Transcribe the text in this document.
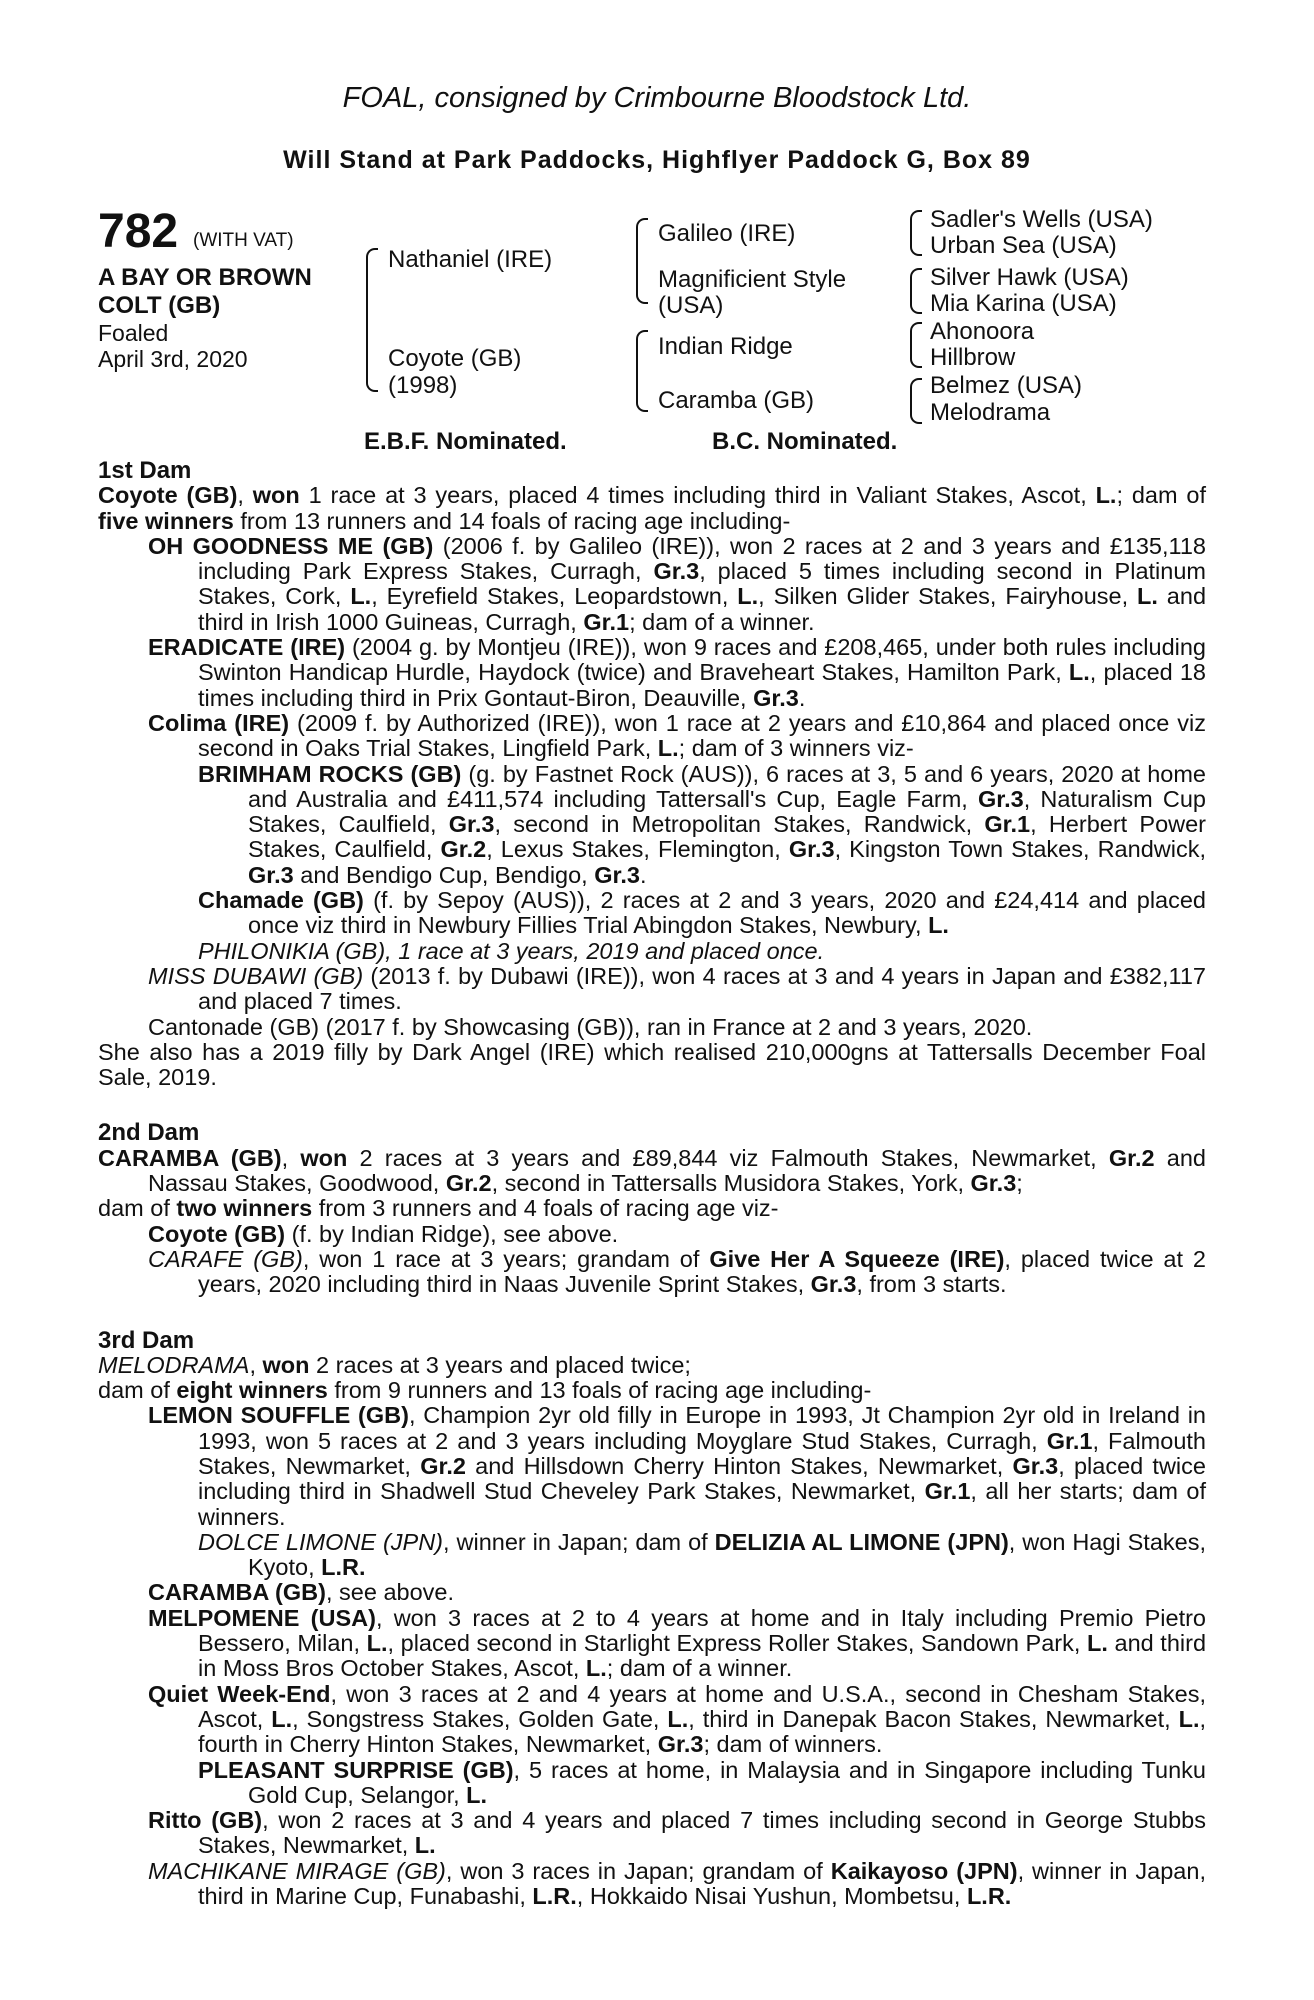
FOAL, consigned by Crimbourne Bloodstock Ltd.
Will Stand at Park Paddocks, Highflyer Paddock G, Box 89
782 (WITH VAT)
A BAY OR BROWN
COLT (GB)
Foaled
April 3rd, 2020
Nathaniel (IRE)
Coyote (GB)
(1998)
Galileo (IRE)
Magnificient Style
(USA)
Indian Ridge
Caramba (GB)
Sadler's Wells (USA)
Urban Sea (USA)
Silver Hawk (USA)
Mia Karina (USA)
Ahonoora
Hillbrow
Belmez (USA)
Melodrama
E.B.F. Nominated.	B.C. Nominated.
1st Dam
Coyote (GB), won 1 race at 3 years, placed 4 times including third in Valiant Stakes, Ascot, L.; dam of five winners from 13 runners and 14 foals of racing age including-
OH GOODNESS ME (GB) (2006 f. by Galileo (IRE)), won 2 races at 2 and 3 years and £135,118 including Park Express Stakes, Curragh, Gr.3, placed 5 times including second in Platinum Stakes, Cork, L., Eyrefield Stakes, Leopardstown, L., Silken Glider Stakes, Fairyhouse, L. and third in Irish 1000 Guineas, Curragh, Gr.1; dam of a winner.
ERADICATE (IRE) (2004 g. by Montjeu (IRE)), won 9 races and £208,465, under both rules including Swinton Handicap Hurdle, Haydock (twice) and Braveheart Stakes, Hamilton Park, L., placed 18 times including third in Prix Gontaut-Biron, Deauville, Gr.3.
Colima (IRE) (2009 f. by Authorized (IRE)), won 1 race at 2 years and £10,864 and placed once viz second in Oaks Trial Stakes, Lingfield Park, L.; dam of 3 winners viz-
BRIMHAM ROCKS (GB) (g. by Fastnet Rock (AUS)), 6 races at 3, 5 and 6 years, 2020 at home and Australia and £411,574 including Tattersall's Cup, Eagle Farm, Gr.3, Naturalism Cup Stakes, Caulfield, Gr.3, second in Metropolitan Stakes, Randwick, Gr.1, Herbert Power Stakes, Caulfield, Gr.2, Lexus Stakes, Flemington, Gr.3, Kingston Town Stakes, Randwick, Gr.3 and Bendigo Cup, Bendigo, Gr.3.
Chamade (GB) (f. by Sepoy (AUS)), 2 races at 2 and 3 years, 2020 and £24,414 and placed once viz third in Newbury Fillies Trial Abingdon Stakes, Newbury, L.
PHILONIKIA (GB), 1 race at 3 years, 2019 and placed once.
MISS DUBAWI (GB) (2013 f. by Dubawi (IRE)), won 4 races at 3 and 4 years in Japan and £382,117 and placed 7 times.
Cantonade (GB) (2017 f. by Showcasing (GB)), ran in France at 2 and 3 years, 2020.
She also has a 2019 filly by Dark Angel (IRE) which realised 210,000gns at Tattersalls December Foal Sale, 2019.
2nd Dam
CARAMBA (GB), won 2 races at 3 years and £89,844 viz Falmouth Stakes, Newmarket, Gr.2 and Nassau Stakes, Goodwood, Gr.2, second in Tattersalls Musidora Stakes, York, Gr.3;
dam of two winners from 3 runners and 4 foals of racing age viz-
Coyote (GB) (f. by Indian Ridge), see above.
CARAFE (GB), won 1 race at 3 years; grandam of Give Her A Squeeze (IRE), placed twice at 2 years, 2020 including third in Naas Juvenile Sprint Stakes, Gr.3, from 3 starts.
3rd Dam
MELODRAMA, won 2 races at 3 years and placed twice;
dam of eight winners from 9 runners and 13 foals of racing age including-
LEMON SOUFFLE (GB), Champion 2yr old filly in Europe in 1993, Jt Champion 2yr old in Ireland in 1993, won 5 races at 2 and 3 years including Moyglare Stud Stakes, Curragh, Gr.1, Falmouth Stakes, Newmarket, Gr.2 and Hillsdown Cherry Hinton Stakes, Newmarket, Gr.3, placed twice including third in Shadwell Stud Cheveley Park Stakes, Newmarket, Gr.1, all her starts; dam of winners.
DOLCE LIMONE (JPN), winner in Japan; dam of DELIZIA AL LIMONE (JPN), won Hagi Stakes, Kyoto, L.R.
CARAMBA (GB), see above.
MELPOMENE (USA), won 3 races at 2 to 4 years at home and in Italy including Premio Pietro Bessero, Milan, L., placed second in Starlight Express Roller Stakes, Sandown Park, L. and third in Moss Bros October Stakes, Ascot, L.; dam of a winner.
Quiet Week-End, won 3 races at 2 and 4 years at home and U.S.A., second in Chesham Stakes, Ascot, L., Songstress Stakes, Golden Gate, L., third in Danepak Bacon Stakes, Newmarket, L., fourth in Cherry Hinton Stakes, Newmarket, Gr.3; dam of winners.
PLEASANT SURPRISE (GB), 5 races at home, in Malaysia and in Singapore including Tunku Gold Cup, Selangor, L.
Ritto (GB), won 2 races at 3 and 4 years and placed 7 times including second in George Stubbs Stakes, Newmarket, L.
MACHIKANE MIRAGE (GB), won 3 races in Japan; grandam of Kaikayoso (JPN), winner in Japan, third in Marine Cup, Funabashi, L.R., Hokkaido Nisai Yushun, Mombetsu, L.R.
